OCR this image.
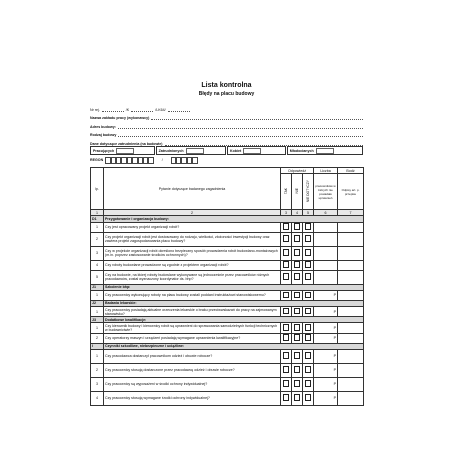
Lista kontrolna
Błędy na placu budowy
Nr rej.	/K	/LK64/
Nazwa zakładu pracy (wykonawcy)
Adres budowy:
Rodzaj budowy
Dane dotyczące zatrudnienia (na budowie)
Pracujących	Zatrudnionych	Kobiet	Młodocianych
REGON	/
lp.	Pytanie dotyczące badanego zagadnienia	Odpowiedź			Liczba	Bodź
		TAK	NIE	NIE DOTYCZY	pracowników w których nie posiadało uprawnień	Odpisy art. p. przepisu
1	2	3	4	5	6	7
D1	Przygotowanie i organizacja budowy:					
1	Czy jest opracowany projekt organizacji robót?					
2	Czy projekt organizacji robót jest dostosowany do rodzaju, wielkości, złożoności inwestycji budowy oraz zawiera projekt zagospodarowania placu budowy?					
3	Czy w projekcie organizacji robót określono bezpieczny sposób prowadzenia robót budowlano-montażowych (m.in. poprzez zastosowanie środków ochronnych)?					
4	Czy roboty budowlane prowadzone są zgodnie z projektem organizacji robót?					
5	Czy na budowie, na której roboty budowlane wykonywane są jednocześnie przez pracowników różnych pracodawców, został wyznaczony koordynator ds. bhp?					
J1	Szkolenie bhp:					
1	Czy pracownicy wykonujący roboty na placu budowy zostali poddani instruktażowi stanowiskowemu?				P	
J2	Badania lekarskie:					
1	Czy pracownicy posiadają aktualne orzeczenia lekarskie o braku przeciwwskazań do pracy na zajmowanym stanowisku?				P	
J3	Dodatkowe kwalifikacje:					
1	Czy kierownik budowy i kierownicy robót są uprawnieni do sprawowania samodzielnych funkcji technicznych w budownictwie?				P	
2	Czy operatorzy maszyn i urządzeń posiadają wymagane uprawnienia kwalifikacyjne?				P	
I	Czynniki szkodliwe, niebezpieczne i uciążliwe:					
1	Czy pracodawca dostarczył pracownikom odzież i obuwie robocze?				P	
2	Czy pracownicy stosują dostarczone przez pracodawcę odzież i obuwie robocze?				P	
3	Czy pracownicy są wyposażeni w środki ochrony indywidualnej?				P	
4	Czy pracownicy stosują wymagane środki ochrony indywidualnej?				P	
